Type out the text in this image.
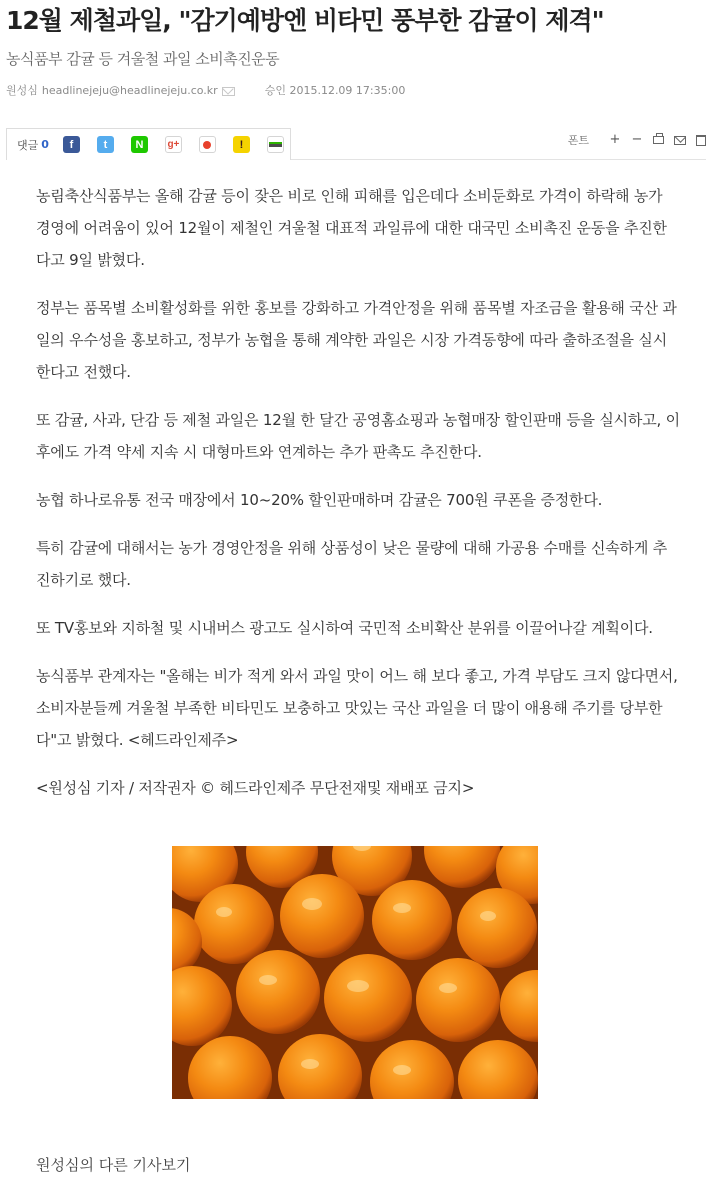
12월 제철과일, "감기예방엔 비타민 풍부한 감귤이 제격"
농식품부 감귤 등 겨울철 과일 소비촉진운동
원성심 headlinejeju@headlinejeju.co.kr	승인 2015.12.09 17:35:00
댓글 0 f	t	N g+	!	폰트 + −

농림축산식품부는 올해 감귤 등이 잦은 비로 인해 피해를 입은데다 소비둔화로 가격이 하락해 농가 경영에 어려움이 있어 12월이 제철인 겨울철 대표적 과일류에 대한 대국민 소비촉진 운동을 추진한다고 9일 밝혔다.

정부는 품목별 소비활성화를 위한 홍보를 강화하고 가격안정을 위해 품목별 자조금을 활용해 국산 과일의 우수성을 홍보하고, 정부가 농협을 통해 계약한 과일은 시장 가격동향에 따라 출하조절을 실시한다고 전했다.

또 감귤, 사과, 단감 등 제철 과일은 12월 한 달간 공영홈쇼핑과 농협매장 할인판매 등을 실시하고, 이후에도 가격 약세 지속 시 대형마트와 연계하는 추가 판촉도 추진한다.

농협 하나로유통 전국 매장에서 10~20% 할인판매하며 감귤은 700원 쿠폰을 증정한다.

특히 감귤에 대해서는 농가 경영안정을 위해 상품성이 낮은 물량에 대해 가공용 수매를 신속하게 추진하기로 했다.

또 TV홍보와 지하철 및 시내버스 광고도 실시하여 국민적 소비확산 분위를 이끌어나갈 계획이다.

농식품부 관계자는 "올해는 비가 적게 와서 과일 맛이 어느 해 보다 좋고, 가격 부담도 크지 않다면서, 소비자분들께 겨울철 부족한 비타민도 보충하고 맛있는 국산 과일을 더 많이 애용해 주기를 당부한다"고 밝혔다. <헤드라인제주>

<원성심 기자 / 저작권자 © 헤드라인제주 무단전재및 재배포 금지>

원성심의 다른 기사보기
